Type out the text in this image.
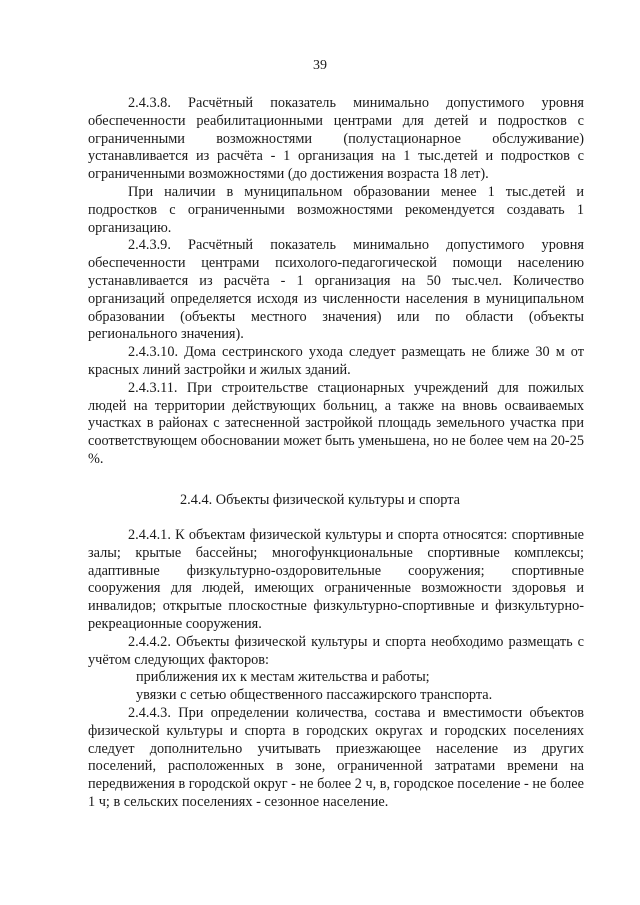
39

2.4.3.8. Расчётный показатель минимально допустимого уровня обеспеченности реабилитационными центрами для детей и подростков с ограниченными возможностями (полустационарное обслуживание) устанавливается из расчёта - 1 организация на 1 тыс.детей и подростков с ограниченными возможностями (до достижения возраста 18 лет).

При наличии в муниципальном образовании менее 1 тыс.детей и подростков с ограниченными возможностями рекомендуется создавать 1 организацию.

2.4.3.9. Расчётный показатель минимально допустимого уровня обеспеченности центрами психолого-педагогической помощи населению устанавливается из расчёта - 1 организация на 50 тыс.чел. Количество организаций определяется исходя из численности населения в муниципальном образовании (объекты местного значения) или по области (объекты регионального значения).

2.4.3.10. Дома сестринского ухода следует размещать не ближе 30 м от красных линий застройки и жилых зданий.

2.4.3.11. При строительстве стационарных учреждений для пожилых людей на территории действующих больниц, а также на вновь осваиваемых участках в районах с затесненной застройкой площадь земельного участка при соответствующем обосновании может быть уменьшена, но не более чем на 20-25 %.

2.4.4. Объекты физической культуры и спорта

2.4.4.1. К объектам физической культуры и спорта относятся: спортивные залы; крытые бассейны; многофункциональные спортивные комплексы; адаптивные физкультурно-оздоровительные сооружения; спортивные сооружения для людей, имеющих ограниченные возможности здоровья и инвалидов; открытые плоскостные физкультурно-спортивные и физкультурно-рекреационные сооружения.

2.4.4.2. Объекты физической культуры и спорта необходимо размещать с учётом следующих факторов:

приближения их к местам жительства и работы;

увязки с сетью общественного пассажирского транспорта.

2.4.4.3. При определении количества, состава и вместимости объектов физической культуры и спорта в городских округах и городских поселениях следует дополнительно учитывать приезжающее население из других поселений, расположенных в зоне, ограниченной затратами времени на передвижения в городской округ - не более 2 ч, в, городское поселение - не более 1 ч; в сельских поселениях - сезонное население.
